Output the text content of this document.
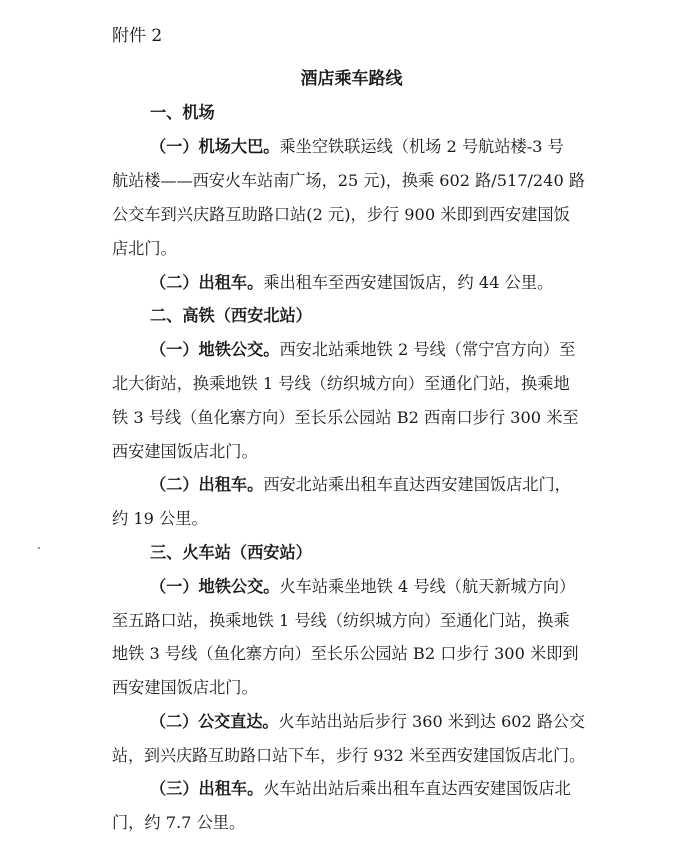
附件 2
酒店乘车路线
一、机场
（一）机场大巴。乘坐空铁联运线（机场 2 号航站楼-3 号
航站楼——西安火车站南广场，25 元)，换乘 602 路/517/240 路
公交车到兴庆路互助路口站(2 元)，步行 900 米即到西安建国饭
店北门。
（二）出租车。乘出租车至西安建国饭店，约 44 公里。
二、高铁（西安北站）
（一）地铁公交。西安北站乘地铁 2 号线（常宁宫方向）至
北大街站，换乘地铁 1 号线（纺织城方向）至通化门站，换乘地
铁 3 号线（鱼化寨方向）至长乐公园站 B2 西南口步行 300 米至
西安建国饭店北门。
（二）出租车。西安北站乘出租车直达西安建国饭店北门，
约 19 公里。
三、火车站（西安站）
（一）地铁公交。火车站乘坐地铁 4 号线（航天新城方向）
至五路口站，换乘地铁 1 号线（纺织城方向）至通化门站，换乘
地铁 3 号线（鱼化寨方向）至长乐公园站 B2 口步行 300 米即到
西安建国饭店北门。
（二）公交直达。火车站出站后步行 360 米到达 602 路公交
站，到兴庆路互助路口站下车，步行 932 米至西安建国饭店北门。
（三）出租车。火车站出站后乘出租车直达西安建国饭店北
门，约 7.7 公里。
